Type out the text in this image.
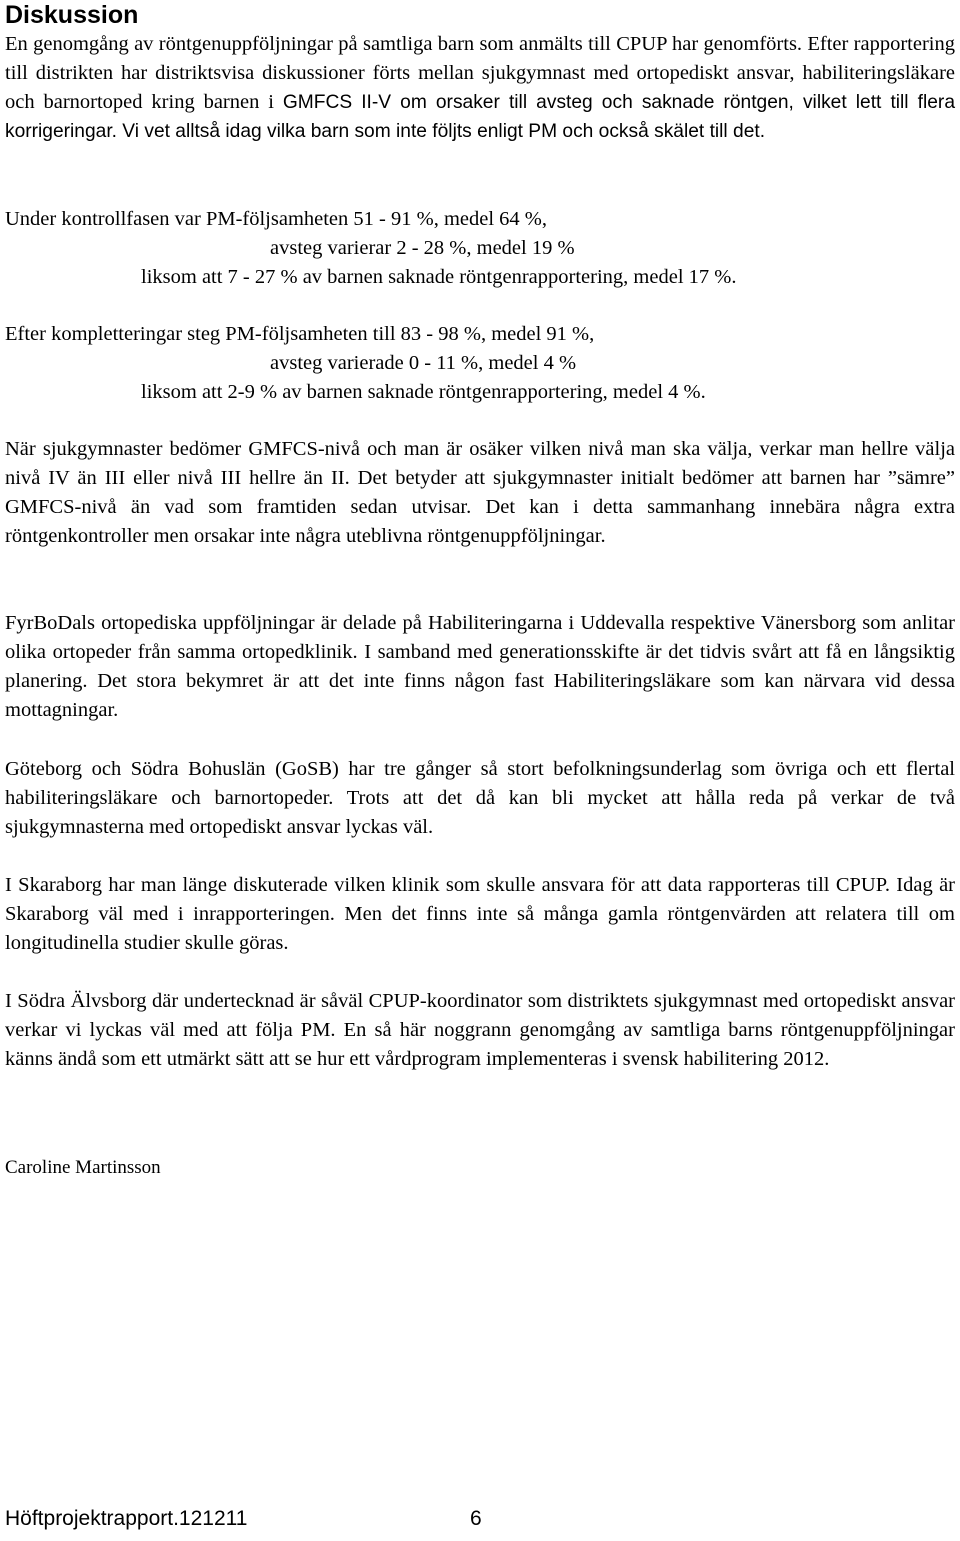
Diskussion

En genomgång av röntgenuppföljningar på samtliga barn som anmälts till CPUP har genomförts. Efter rapportering till distrikten har distriktsvisa diskussioner förts mellan sjukgymnast med ortopediskt ansvar, habiliteringsläkare och barnortoped kring barnen i GMFCS II-V om orsaker till avsteg och saknade röntgen, vilket lett till flera korrigeringar. Vi vet alltså idag vilka barn som inte följts enligt PM och också skälet till det.

Under kontrollfasen var PM-följsamheten 51 - 91 %, medel 64 %,
avsteg varierar 2 - 28 %, medel 19 %
liksom att 7 - 27 % av barnen saknade röntgenrapportering, medel 17 %.
Efter kompletteringar steg PM-följsamheten till 83 - 98 %, medel 91 %,
avsteg varierade 0 - 11 %, medel 4 %
liksom att 2-9 % av barnen saknade röntgenrapportering, medel 4 %.

När sjukgymnaster bedömer GMFCS-nivå och man är osäker vilken nivå man ska välja, verkar man hellre välja nivå IV än III eller nivå III hellre än II. Det betyder att sjukgymnaster initialt bedömer att barnen har ”sämre” GMFCS-nivå än vad som framtiden sedan utvisar. Det kan i detta sammanhang innebära några extra röntgenkontroller men orsakar inte några uteblivna röntgenuppföljningar.

FyrBoDals ortopediska uppföljningar är delade på Habiliteringarna i Uddevalla respektive Vänersborg som anlitar olika ortopeder från samma ortopedklinik. I samband med generationsskifte är det tidvis svårt att få en långsiktig planering. Det stora bekymret är att det inte finns någon fast Habiliteringsläkare som kan närvara vid dessa mottagningar.

Göteborg och Södra Bohuslän (GoSB) har tre gånger så stort befolkningsunderlag som övriga och ett flertal habiliteringsläkare och barnortopeder. Trots att det då kan bli mycket att hålla reda på verkar de två sjukgymnasterna med ortopediskt ansvar lyckas väl.

I Skaraborg har man länge diskuterade vilken klinik som skulle ansvara för att data rapporteras till CPUP. Idag är Skaraborg väl med i inrapporteringen. Men det finns inte så många gamla röntgenvärden att relatera till om longitudinella studier skulle göras.

I Södra Älvsborg där undertecknad är såväl CPUP-koordinator som distriktets sjukgymnast med ortopediskt ansvar verkar vi lyckas väl med att följa PM. En så här noggrann genomgång av samtliga barns röntgenuppföljningar känns ändå som ett utmärkt sätt att se hur ett vårdprogram implementeras i svensk habilitering 2012.

Caroline Martinsson

Höftprojektrapport.121211	6
